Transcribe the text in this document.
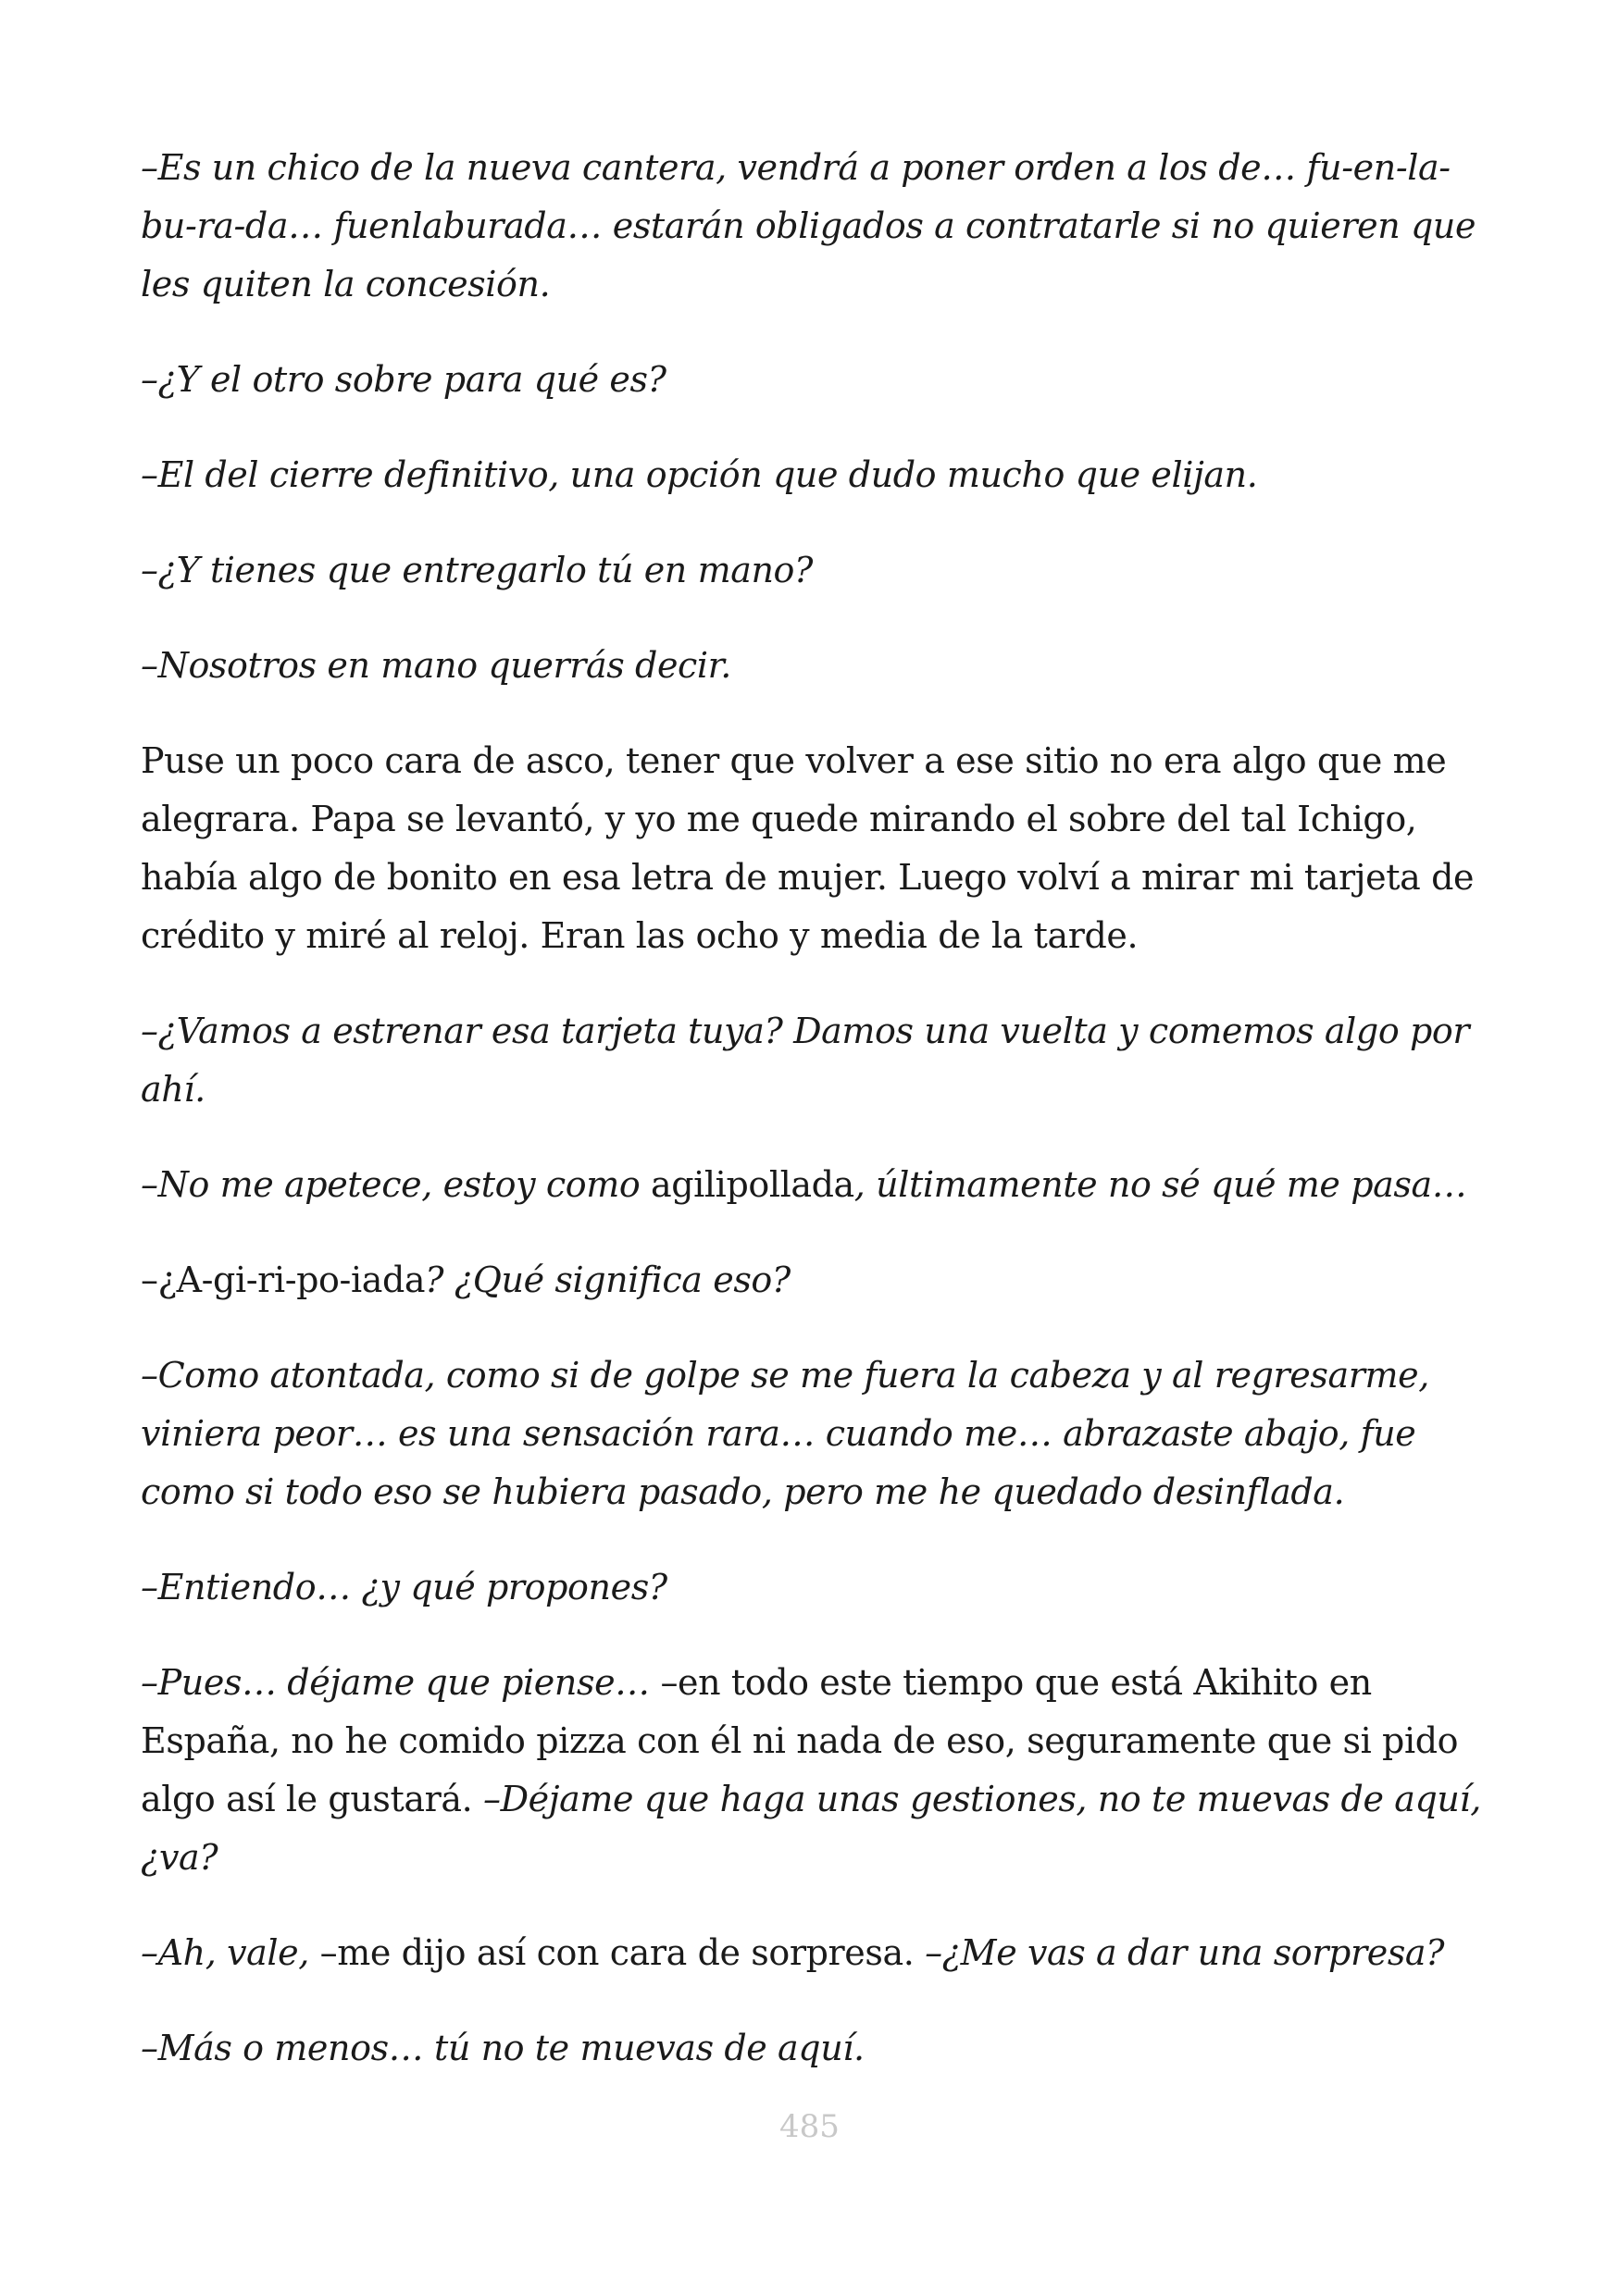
–Es un chico de la nueva cantera, vendrá a poner orden a los de… fu-en-la-bu-ra-da… fuenlaburada… estarán obligados a contratarle si no quieren que les quiten la concesión.

–¿Y el otro sobre para qué es?

–El del cierre definitivo, una opción que dudo mucho que elijan.

–¿Y tienes que entregarlo tú en mano?

–Nosotros en mano querrás decir.

Puse un poco cara de asco, tener que volver a ese sitio no era algo que me alegrara. Papa se levantó, y yo me quede mirando el sobre del tal Ichigo, había algo de bonito en esa letra de mujer. Luego volví a mirar mi tarjeta de crédito y miré al reloj. Eran las ocho y media de la tarde.

–¿Vamos a estrenar esa tarjeta tuya? Damos una vuelta y comemos algo por ahí.

–No me apetece, estoy como agilipollada, últimamente no sé qué me pasa…

–¿A-gi-ri-po-iada? ¿Qué significa eso?

–Como atontada, como si de golpe se me fuera la cabeza y al regresarme, viniera peor… es una sensación rara… cuando me… abrazaste abajo, fue como si todo eso se hubiera pasado, pero me he quedado desinflada.

–Entiendo… ¿y qué propones?

–Pues… déjame que piense… –en todo este tiempo que está Akihito en España, no he comido pizza con él ni nada de eso, seguramente que si pido algo así le gustará. –Déjame que haga unas gestiones, no te muevas de aquí, ¿va?

–Ah, vale, –me dijo así con cara de sorpresa. –¿Me vas a dar una sorpresa?

–Más o menos… tú no te muevas de aquí.

485
